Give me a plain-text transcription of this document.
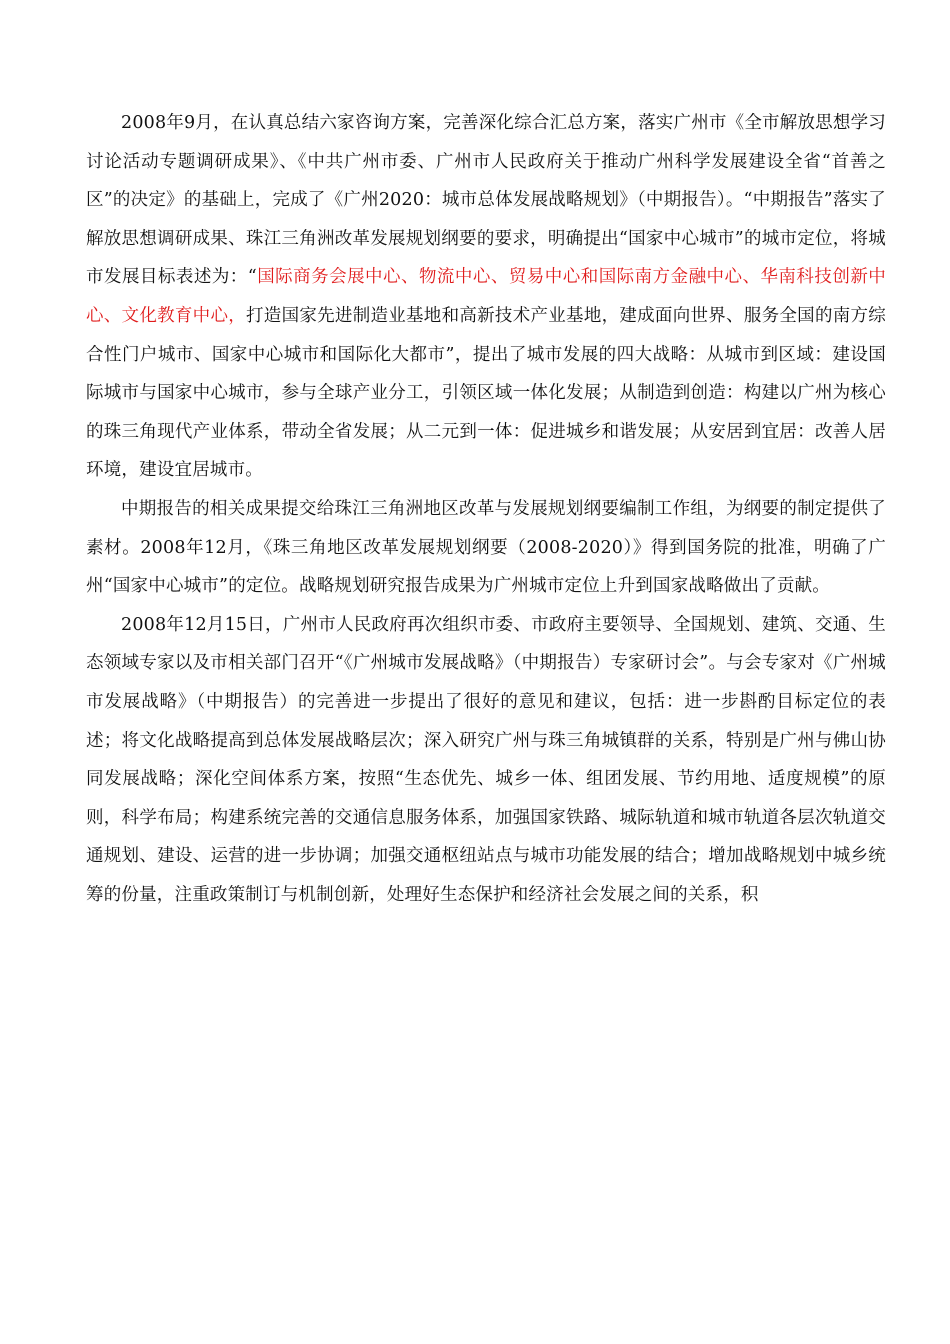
2008年9月，在认真总结六家咨询方案，完善深化综合汇总方案，落实广州市《全市解放思想学习讨论活动专题调研成果》、《中共广州市委、广州市人民政府关于推动广州科学发展建设全省“首善之区”的决定》的基础上，完成了《广州2020：城市总体发展战略规划》（中期报告）。“中期报告”落实了解放思想调研成果、珠江三角洲改革发展规划纲要的要求，明确提出“国家中心城市”的城市定位，将城市发展目标表述为：“国际商务会展中心、物流中心、贸易中心和国际南方金融中心、华南科技创新中心、文化教育中心，打造国家先进制造业基地和高新技术产业基地，建成面向世界、服务全国的南方综合性门户城市、国家中心城市和国际化大都市”，提出了城市发展的四大战略：从城市到区域：建设国际城市与国家中心城市，参与全球产业分工，引领区域一体化发展；从制造到创造：构建以广州为核心的珠三角现代产业体系，带动全省发展；从二元到一体：促进城乡和谐发展；从安居到宜居：改善人居环境，建设宜居城市。

中期报告的相关成果提交给珠江三角洲地区改革与发展规划纲要编制工作组，为纲要的制定提供了素材。2008年12月，《珠三角地区改革发展规划纲要（2008-2020）》得到国务院的批准，明确了广州“国家中心城市”的定位。战略规划研究报告成果为广州城市定位上升到国家战略做出了贡献。

2008年12月15日，广州市人民政府再次组织市委、市政府主要领导、全国规划、建筑、交通、生态领域专家以及市相关部门召开“《广州城市发展战略》（中期报告）专家研讨会”。与会专家对《广州城市发展战略》（中期报告）的完善进一步提出了很好的意见和建议，包括：进一步斟酌目标定位的表述；将文化战略提高到总体发展战略层次；深入研究广州与珠三角城镇群的关系，特别是广州与佛山协同发展战略；深化空间体系方案，按照“生态优先、城乡一体、组团发展、节约用地、适度规模”的原则，科学布局；构建系统完善的交通信息服务体系，加强国家铁路、城际轨道和城市轨道各层次轨道交通规划、建设、运营的进一步协调；加强交通枢纽站点与城市功能发展的结合；增加战略规划中城乡统筹的份量，注重政策制订与机制创新，处理好生态保护和经济社会发展之间的关系，积
